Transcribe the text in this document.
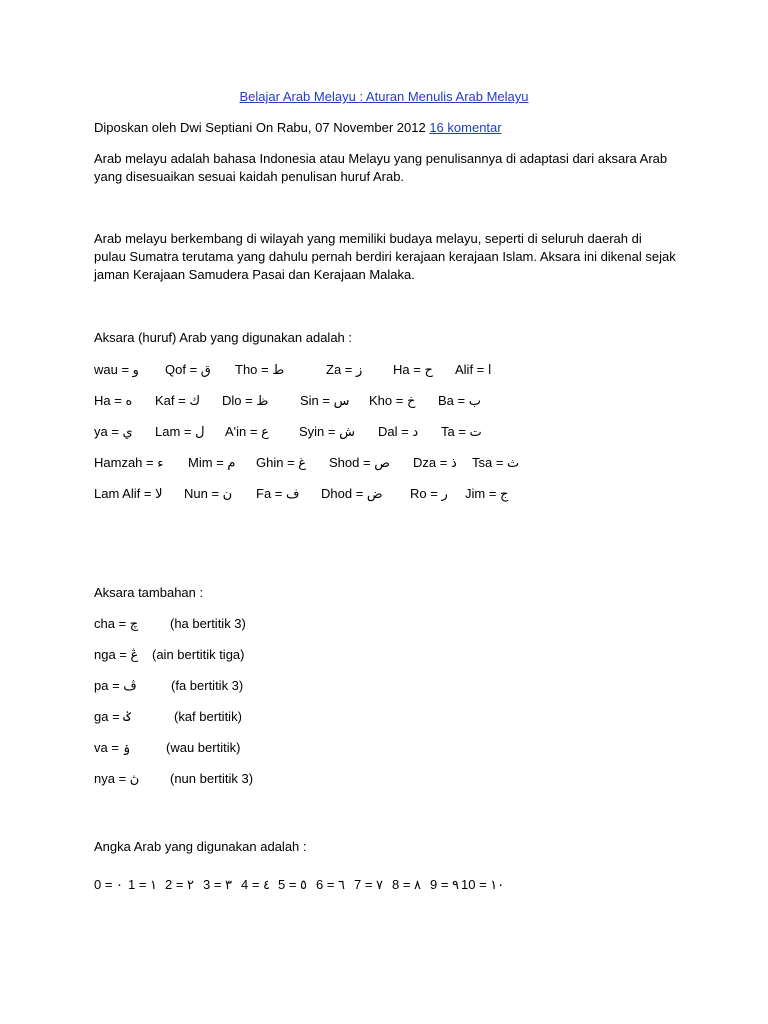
Belajar Arab Melayu : Aturan Menulis Arab Melayu
Diposkan oleh Dwi Septiani On Rabu, 07 November 2012 16 komentar
Arab melayu adalah bahasa Indonesia atau Melayu yang penulisannya di adaptasi dari aksara Arab
yang disesuaikan sesuai kaidah penulisan huruf Arab.
Arab melayu berkembang di wilayah yang memiliki budaya melayu, seperti di seluruh daerah di
pulau Sumatra terutama yang dahulu pernah berdiri kerajaan kerajaan Islam. Aksara ini dikenal sejak
jaman Kerajaan Samudera Pasai dan Kerajaan Malaka.
Aksara (huruf) Arab yang digunakan adalah :
wau = و Qof = ق Tho = ط	Za = ز Ha = ح Alif = ا
Ha = ه Kaf = ك Dlo = ظ Sin = س Kho = خ Ba = ب
ya = ي Lam = ل A'in = ع Syin = ش Dal = د Ta = ت
Hamzah = ء Mim = م Ghin = غ Shod = ص Dza = ذ Tsa = ث
Lam Alif = لا Nun = ن Fa = ف Dhod = ض Ro = ر Jim = ج
Aksara tambahan :
cha = چ (ha bertitik 3)
nga = ڠ (ain bertitik tiga)
pa = ڤ	(fa bertitik 3)
ga = ݢ	(kaf bertitik)
va = ۏ	(wau bertitik)
nya = ڽ (nun bertitik 3)
Angka Arab yang digunakan adalah :
0 = ٠ 1 = ١ 2 = ٢ 3 = ٣ 4 = ٤ 5 = ٥ 6 = ٦ 7 = ٧ 8 = ٨ 9 = ٩ 10 = ١٠
